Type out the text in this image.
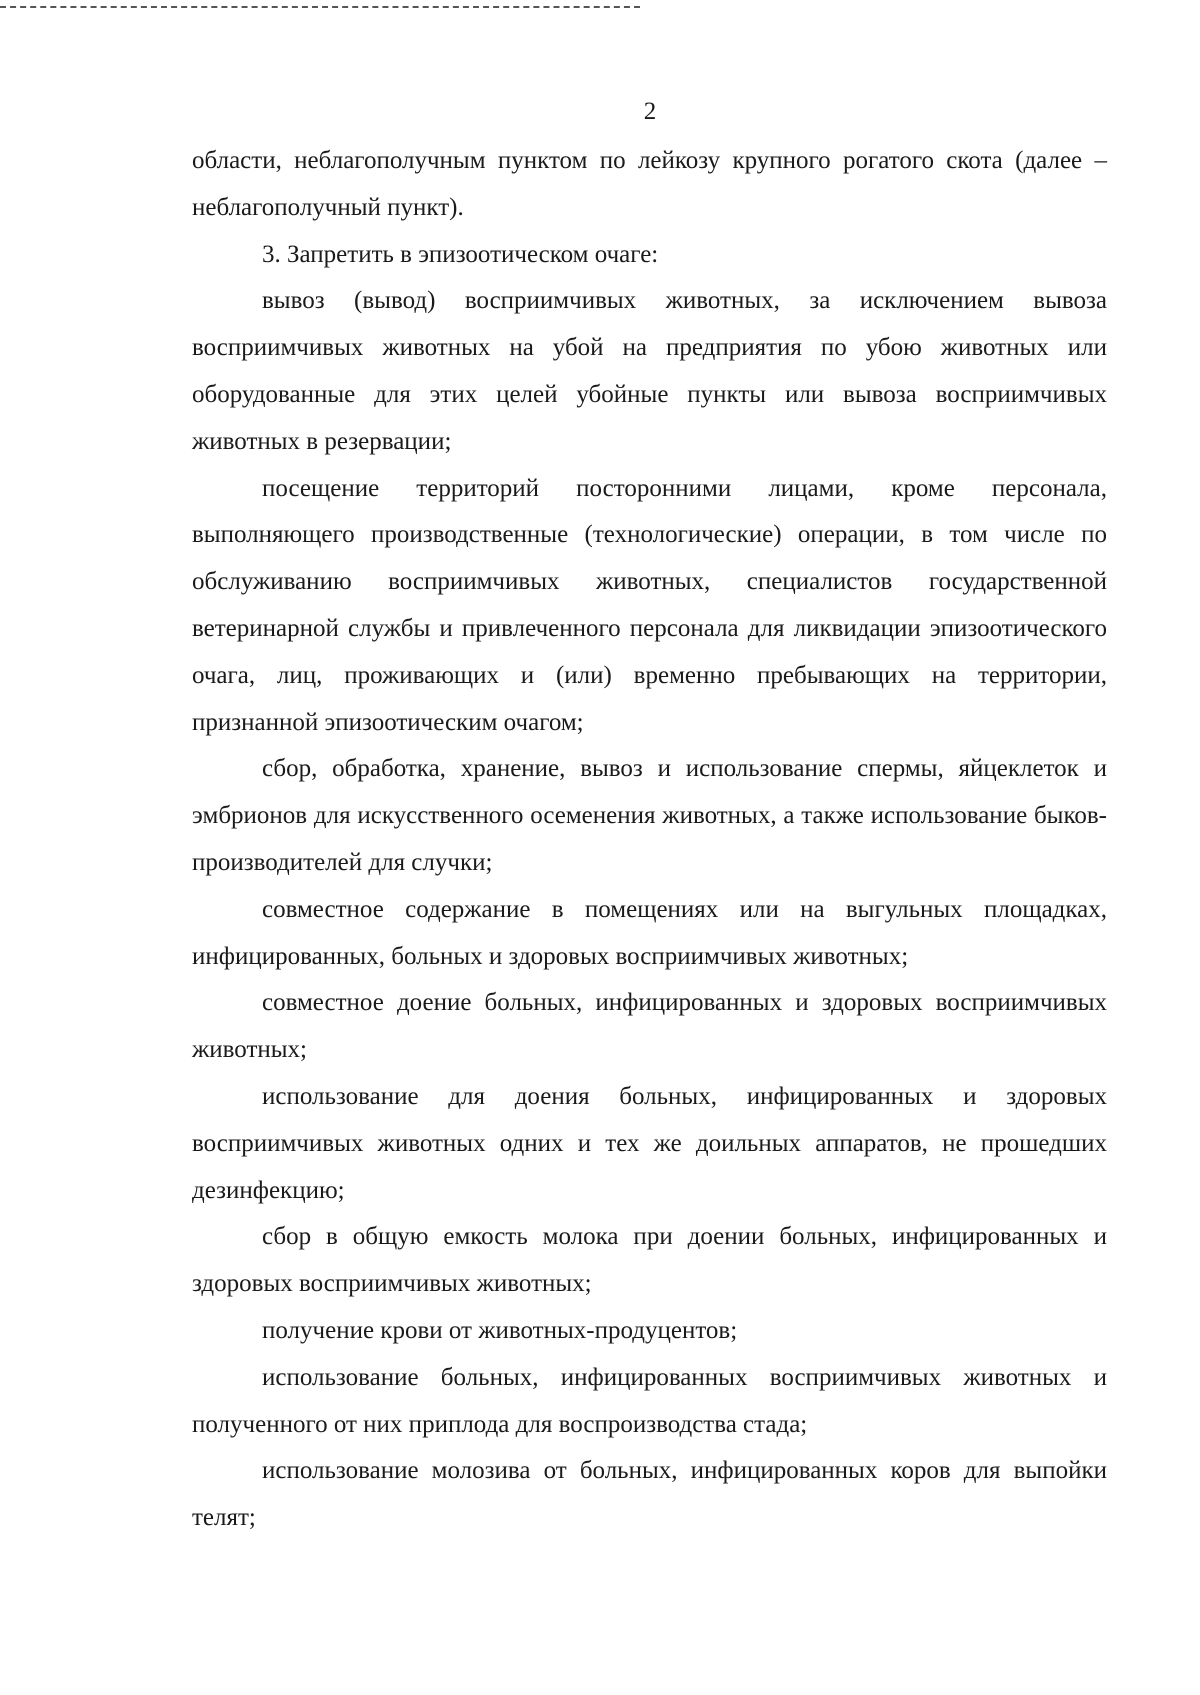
2

области, неблагополучным пунктом по лейкозу крупного рогатого скота (далее – неблагополучный пункт).

3. Запретить в эпизоотическом очаге:

вывоз (вывод) восприимчивых животных, за исключением вывоза восприимчивых животных на убой на предприятия по убою животных или оборудованные для этих целей убойные пункты или вывоза восприимчивых животных в резервации;

посещение территорий посторонними лицами, кроме персонала, выполняющего производственные (технологические) операции, в том числе по обслуживанию восприимчивых животных, специалистов государственной ветеринарной службы и привлеченного персонала для ликвидации эпизоотического очага, лиц, проживающих и (или) временно пребывающих на территории, признанной эпизоотическим очагом;

сбор, обработка, хранение, вывоз и использование спермы, яйцеклеток и эмбрионов для искусственного осеменения животных, а также использование быков-производителей для случки;

совместное содержание в помещениях или на выгульных площадках, инфицированных, больных и здоровых восприимчивых животных;

совместное доение больных, инфицированных и здоровых восприимчивых животных;

использование для доения больных, инфицированных и здоровых восприимчивых животных одних и тех же доильных аппаратов, не прошедших дезинфекцию;

сбор в общую емкость молока при доении больных, инфицированных и здоровых восприимчивых животных;

получение крови от животных-продуцентов;

использование больных, инфицированных восприимчивых животных и полученного от них приплода для воспроизводства стада;

использование молозива от больных, инфицированных коров для выпойки телят;
